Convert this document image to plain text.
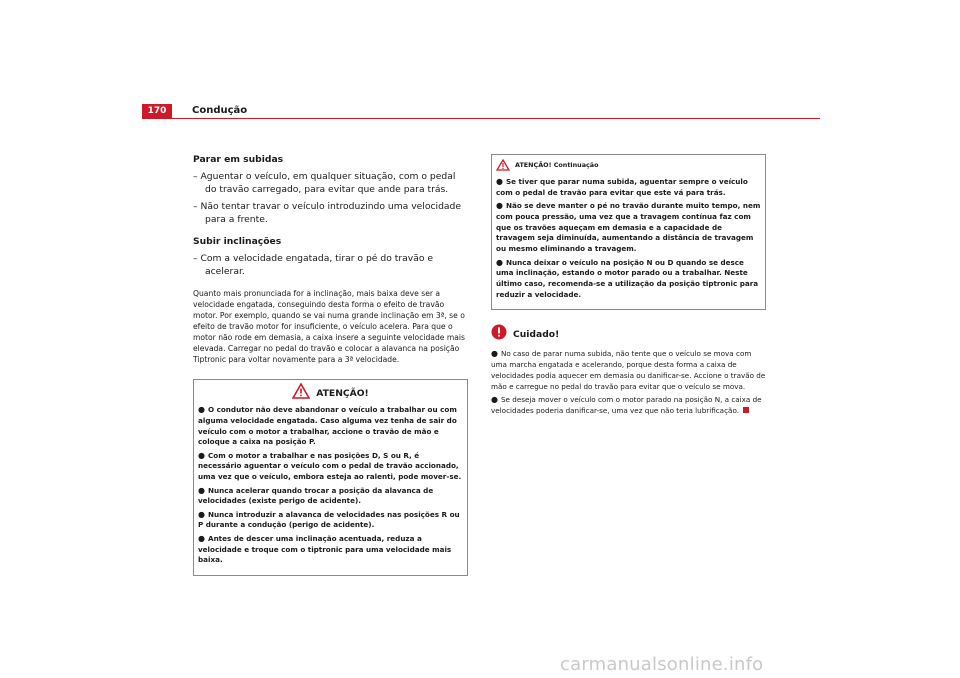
170	Condução
Parar em subidas
– Aguentar o veículo, em qualquer situação, com o pedal do travão carregado, para evitar que ande para trás.
– Não tentar travar o veículo introduzindo uma velocidade para a frente.
Subir inclinações
– Com a velocidade engatada, tirar o pé do travão e acelerar.
Quanto mais pronunciada for a inclinação, mais baixa deve ser a velocidade engatada, conseguindo desta forma o efeito de travão motor. Por exemplo, quando se vai numa grande inclinação em 3ª, se o efeito de travão motor for insuficiente, o veículo acelera. Para que o motor não rode em demasia, a caixa insere a seguinte velocidade mais elevada. Carregar no pedal do travão e colocar a alavanca na posição Tiptronic para voltar novamente para a 3ª velocidade.
ATENÇÃO!
● O condutor não deve abandonar o veículo a trabalhar ou com alguma velocidade engatada. Caso alguma vez tenha de sair do veículo com o motor a trabalhar, accione o travão de mão e coloque a caixa na posição P.
● Com o motor a trabalhar e nas posições D, S ou R, é necessário aguentar o veículo com o pedal de travão accionado, uma vez que o veículo, embora esteja ao ralenti, pode mover-se.
● Nunca acelerar quando trocar a posição da alavanca de velocidades (existe perigo de acidente).
● Nunca introduzir a alavanca de velocidades nas posições R ou P durante a condução (perigo de acidente).
● Antes de descer uma inclinação acentuada, reduza a velocidade e troque com o tiptronic para uma velocidade mais baixa.
ATENÇÃO! Continuação
● Se tiver que parar numa subida, aguentar sempre o veículo com o pedal de travão para evitar que este vá para trás.
● Não se deve manter o pé no travão durante muito tempo, nem com pouca pressão, uma vez que a travagem contínua faz com que os travões aqueçam em demasia e a capacidade de travagem seja diminuída, aumentando a distância de travagem ou mesmo eliminando a travagem.
● Nunca deixar o veículo na posição N ou D quando se desce uma inclinação, estando o motor parado ou a trabalhar. Neste último caso, recomenda-se a utilização da posição tiptronic para reduzir a velocidade.
Cuidado!
● No caso de parar numa subida, não tente que o veículo se mova com uma marcha engatada e acelerando, porque desta forma a caixa de velocidades podia aquecer em demasia ou danificar-se. Accione o travão de mão e carregue no pedal do travão para evitar que o veículo se mova.
● Se deseja mover o veículo com o motor parado na posição N, a caixa de velocidades poderia danificar-se, uma vez que não teria lubrificação.
carmanualsonline.info
